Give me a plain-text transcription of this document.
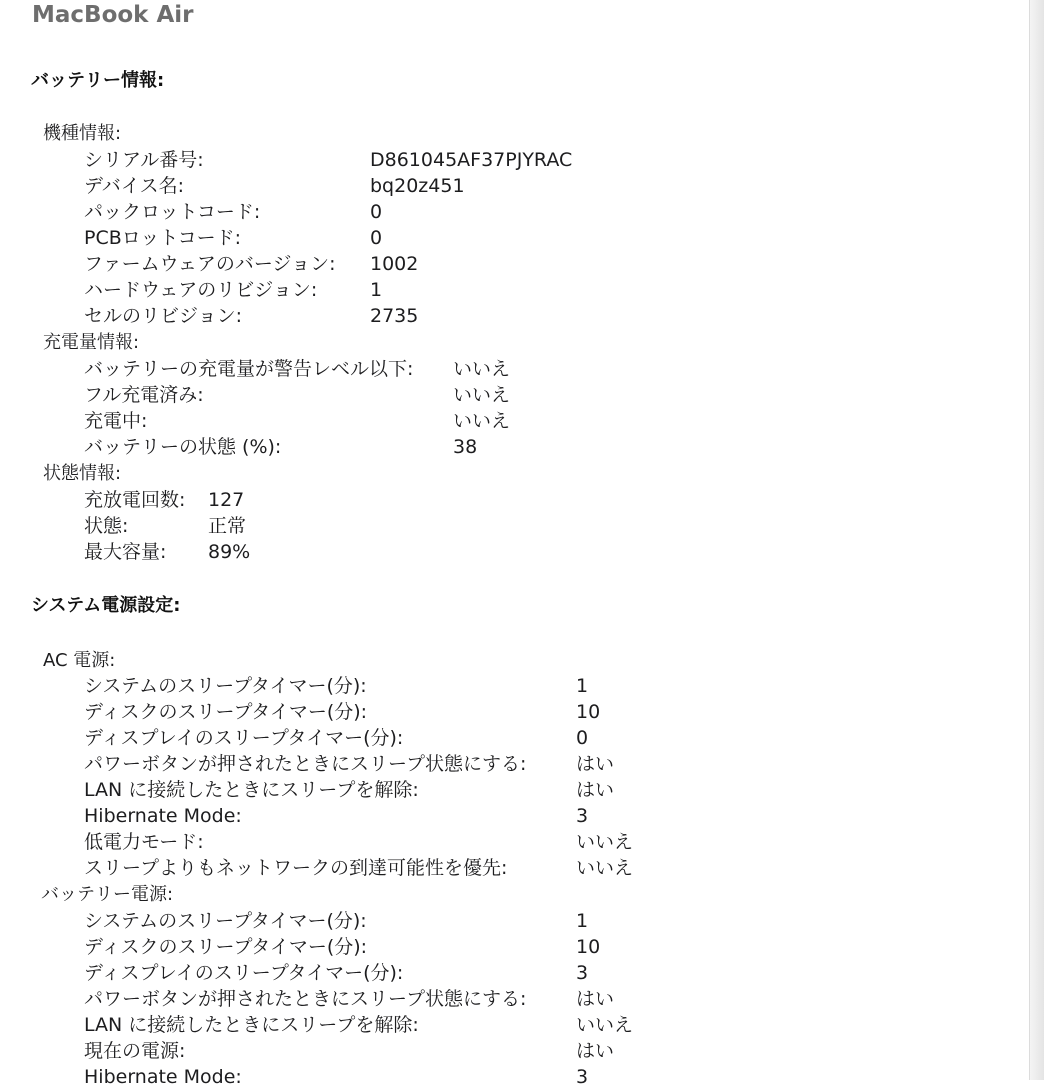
MacBook Air
バッテリー情報:
機種情報:
シリアル番号:	D861045AF37PJYRAC
デバイス名:	bq20z451
パックロットコード:	0
PCBロットコード:	0
ファームウェアのバージョン: 1002
ハードウェアのリビジョン:	1
セルのリビジョン:	2735
充電量情報:
バッテリーの充電量が警告レベル以下: いいえ
フル充電済み:	いいえ
充電中:	いいえ
バッテリーの状態 (%):	38
状態情報:
充放電回数: 127
状態:	正常
最大容量: 89%
システム電源設定:
AC 電源:
システムのスリープタイマー(分):	1
ディスクのスリープタイマー(分):	10
ディスプレイのスリープタイマー(分):	0
パワーボタンが押されたときにスリープ状態にする:	はい
LAN に接続したときにスリープを解除:	はい
Hibernate Mode:	3
低電力モード:	いいえ
スリープよりもネットワークの到達可能性を優先:	いいえ
バッテリー電源:
システムのスリープタイマー(分):	1
ディスクのスリープタイマー(分):	10
ディスプレイのスリープタイマー(分):	3
パワーボタンが押されたときにスリープ状態にする:	はい
LAN に接続したときにスリープを解除:	いいえ
現在の電源:	はい
Hibernate Mode:	3
